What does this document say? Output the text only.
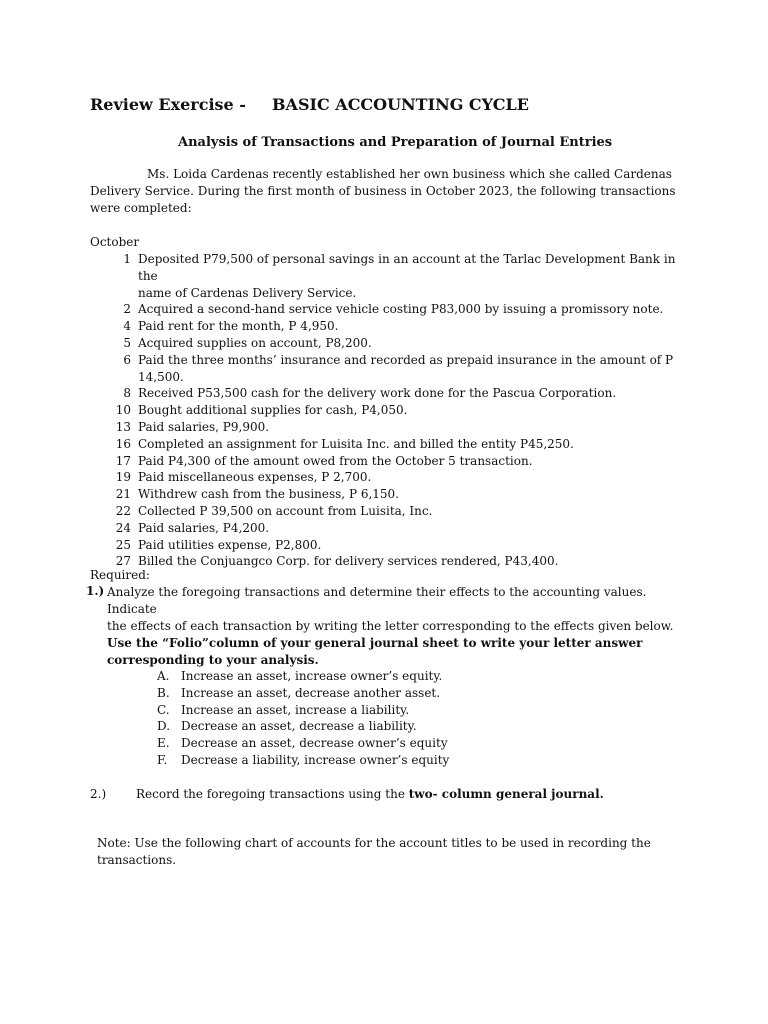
Review Exercise - BASIC ACCOUNTING CYCLE
Analysis of Transactions and Preparation of Journal Entries
Ms. Loida Cardenas recently established her own business which she called Cardenas
Delivery Service. During the first month of business in October 2023, the following transactions
were completed:
October
1 Deposited P79,500 of personal savings in an account at the Tarlac Development Bank in the
name of Cardenas Delivery Service.
2 Acquired a second-hand service vehicle costing P83,000 by issuing a promissory note.
4 Paid rent for the month, P 4,950.
5 Acquired supplies on account, P8,200.
6 Paid the three months’ insurance and recorded as prepaid insurance in the amount of P
14,500.
8 Received P53,500 cash for the delivery work done for the Pascua Corporation.
10 Bought additional supplies for cash, P4,050.
13 Paid salaries, P9,900.
16 Completed an assignment for Luisita Inc. and billed the entity P45,250.
17 Paid P4,300 of the amount owed from the October 5 transaction.
19 Paid miscellaneous expenses, P 2,700.
21 Withdrew cash from the business, P 6,150.
22 Collected P 39,500 on account from Luisita, Inc.
24 Paid salaries, P4,200.
25 Paid utilities expense, P2,800.
27 Billed the Conjuangco Corp. for delivery services rendered, P43,400.
Required:
1.) Analyze the foregoing transactions and determine their effects to the accounting values. Indicate
the effects of each transaction by writing the letter corresponding to the effects given below.
Use the “Folio”column of your general journal sheet to write your letter answer
corresponding to your analysis.
A. Increase an asset, increase owner’s equity.
B. Increase an asset, decrease another asset.
C. Increase an asset, increase a liability.
D. Decrease an asset, decrease a liability.
E. Decrease an asset, decrease owner’s equity
F.	Decrease a liability, increase owner’s equity
2.) Record the foregoing transactions using the two- column general journal.
Note: Use the following chart of accounts for the account titles to be used in recording the
transactions.
